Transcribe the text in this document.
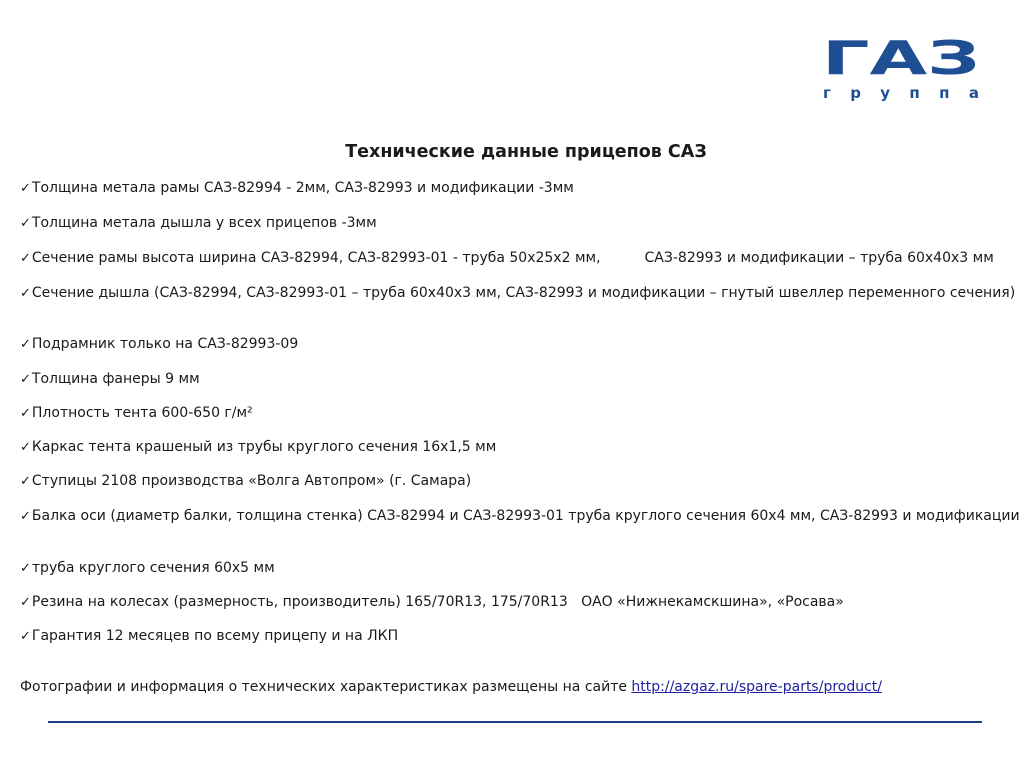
ГАЗ
группа
Технические данные прицепов САЗ

✓Толщина метала рамы САЗ-82994 - 2мм, САЗ-82993 и модификации -3мм

✓Толщина метала дышла у всех прицепов -3мм

✓Сечение рамы высота ширина САЗ-82994, САЗ-82993-01 - труба 50х25х2 мм,	САЗ-82993 и модификации – труба 60х40х3 мм

✓Сечение дышла (САЗ-82994, САЗ-82993-01 – труба 60х40х3 мм, САЗ-82993 и модификации – гнутый швеллер переменного сечения)

✓Подрамник только на САЗ-82993-09

✓Толщина фанеры 9 мм

✓Плотность тента 600-650 г/м²

✓Каркас тента крашеный из трубы круглого сечения 16х1,5 мм

✓Ступицы 2108 производства «Волга Автопром» (г. Самара)

✓Балка оси (диаметр балки, толщина стенка) САЗ-82994 и САЗ-82993-01 труба круглого сечения 60х4 мм, САЗ-82993 и модификации

✓труба круглого сечения 60х5 мм

✓Резина на колесах (размерность, производитель) 165/70R13, 175/70R13   ОАО «Нижнекамскшина», «Росава»

✓Гарантия 12 месяцев по всему прицепу и на ЛКП

Фотографии и информация о технических характеристиках размещены на сайте http://azgaz.ru/spare-parts/product/
